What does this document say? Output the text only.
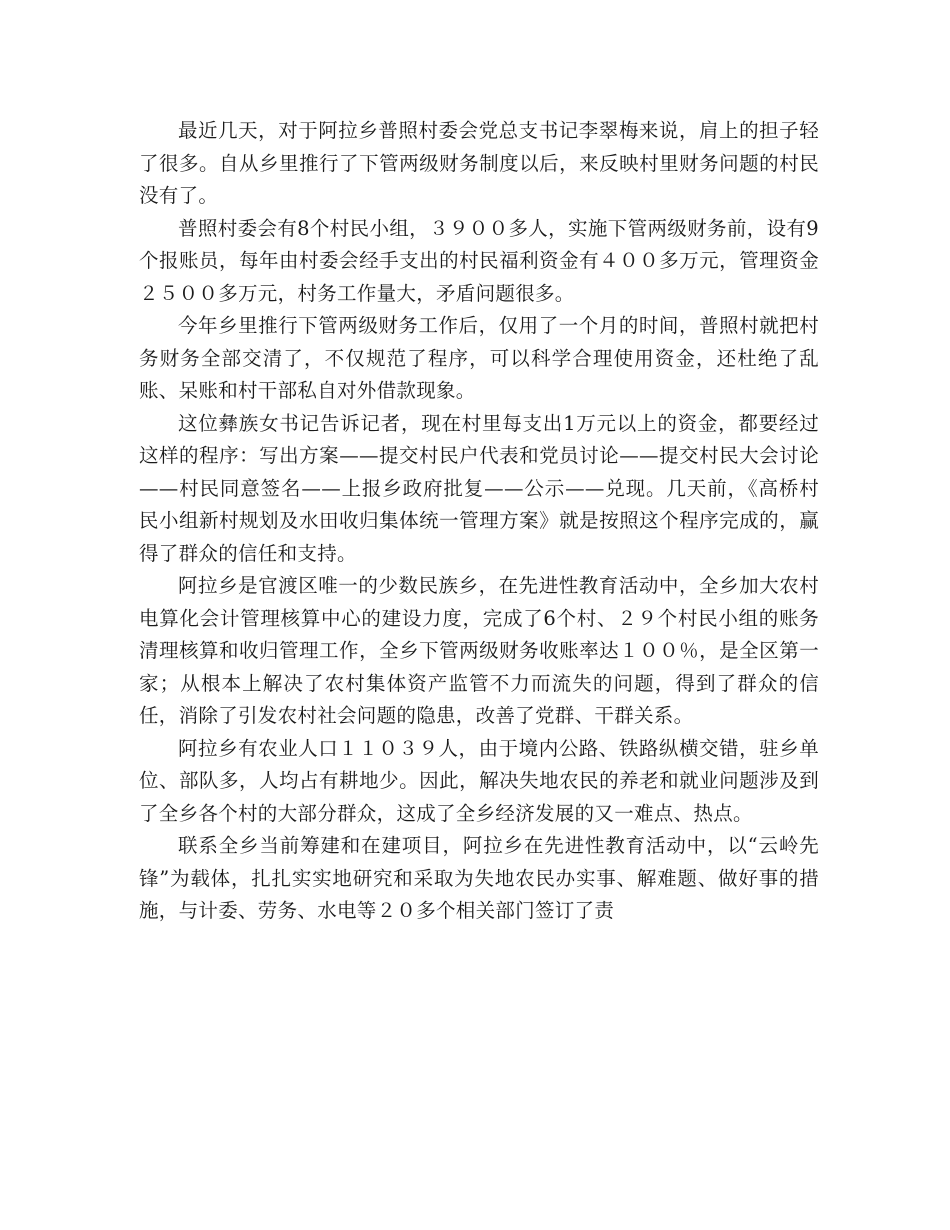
最近几天，对于阿拉乡普照村委会党总支书记李翠梅来说，肩上的担子轻了很多。自从乡里推行了下管两级财务制度以后，来反映村里财务问题的村民没有了。

普照村委会有8个村民小组，３９００多人，实施下管两级财务前，设有9个报账员，每年由村委会经手支出的村民福利资金有４００多万元，管理资金２５００多万元，村务工作量大，矛盾问题很多。

今年乡里推行下管两级财务工作后，仅用了一个月的时间，普照村就把村务财务全部交清了，不仅规范了程序，可以科学合理使用资金，还杜绝了乱账、呆账和村干部私自对外借款现象。

这位彝族女书记告诉记者，现在村里每支出1万元以上的资金，都要经过这样的程序：写出方案——提交村民户代表和党员讨论——提交村民大会讨论——村民同意签名——上报乡政府批复——公示——兑现。几天前，《高桥村民小组新村规划及水田收归集体统一管理方案》就是按照这个程序完成的，赢得了群众的信任和支持。

阿拉乡是官渡区唯一的少数民族乡，在先进性教育活动中，全乡加大农村电算化会计管理核算中心的建设力度，完成了6个村、２９个村民小组的账务清理核算和收归管理工作，全乡下管两级财务收账率达１００％，是全区第一家；从根本上解决了农村集体资产监管不力而流失的问题，得到了群众的信任，消除了引发农村社会问题的隐患，改善了党群、干群关系。

阿拉乡有农业人口１１０３９人，由于境内公路、铁路纵横交错，驻乡单位、部队多，人均占有耕地少。因此，解决失地农民的养老和就业问题涉及到了全乡各个村的大部分群众，这成了全乡经济发展的又一难点、热点。

联系全乡当前筹建和在建项目，阿拉乡在先进性教育活动中，以“云岭先锋”为载体，扎扎实实地研究和采取为失地农民办实事、解难题、做好事的措施，与计委、劳务、水电等２０多个相关部门签订了责
